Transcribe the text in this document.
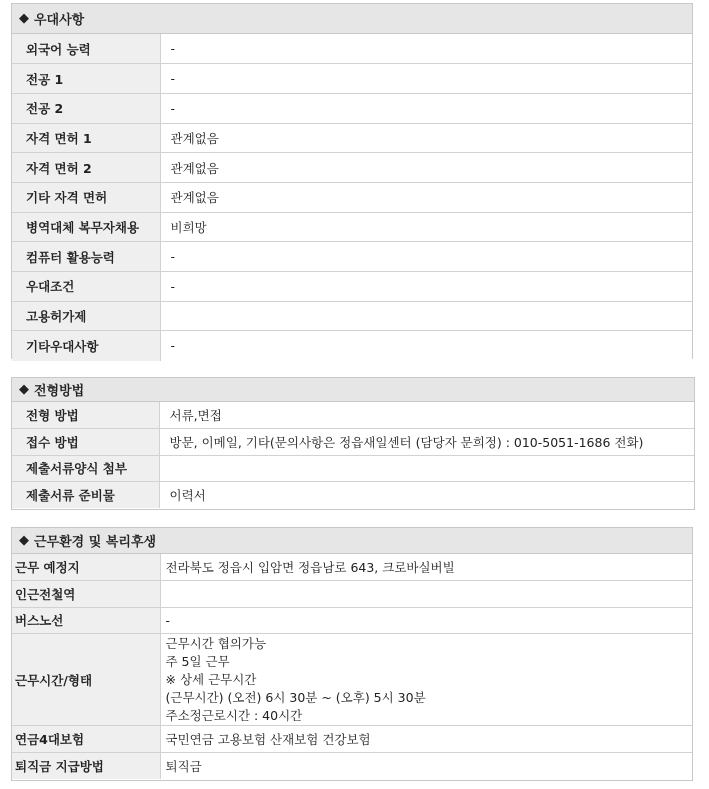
◆ 우대사항
외국어 능력	-
전공 1	-
전공 2	-
자격 면허 1	관계없음
자격 면허 2	관계없음
기타 자격 면허	관계없음
병역대체 복무자채용	비희망
컴퓨터 활용능력	-
우대조건	-
고용허가제	
기타우대사항	-
◆ 전형방법
전형 방법	서류,면접
접수 방법	방문, 이메일, 기타(문의사항은 정읍새일센터 (담당자 문희정) : 010-5051-1686 전화)
제출서류양식 첨부	
제출서류 준비물	이력서
◆ 근무환경 및 복리후생
근무 예정지	전라북도 정읍시 입암면 정읍남로 643, 크로바실버빌
인근전철역	
버스노선	-
근무시간/형태	근무시간 협의가능
주 5일 근무
※ 상세 근무시간
(근무시간) (오전) 6시 30분 ~ (오후) 5시 30분
주소정근로시간 : 40시간

연금4대보험	국민연금 고용보험 산재보험 건강보험
퇴직금 지급방법	퇴직금
